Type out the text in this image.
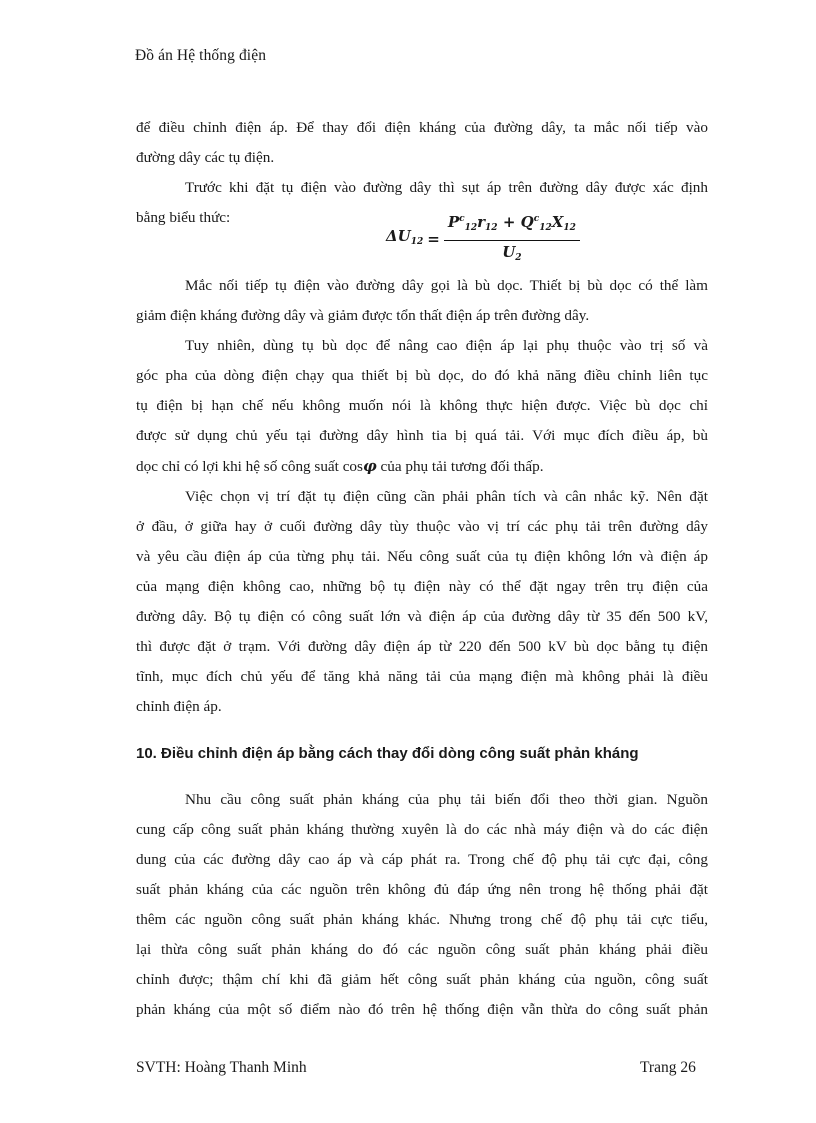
Đồ án Hệ thống điện

để điều chỉnh điện áp. Để thay đổi điện kháng của đường dây, ta mắc nối tiếp vào
đường dây các tụ điện.

Trước khi đặt tụ điện vào đường dây thì sụt áp trên đường dây được xác định

bằng biểu thức:
$\Delta U_{12} = \frac{P^c_{12}r_{12} + Q^c_{12}X_{12}}{U_2}$

Mắc nối tiếp tụ điện vào đường dây gọi là bù dọc. Thiết bị bù dọc có thể làm
giảm điện kháng đường dây và giảm được tổn thất điện áp trên đường dây.

Tuy nhiên, dùng tụ bù dọc để nâng cao điện áp lại phụ thuộc vào trị số và
góc pha của dòng điện chạy qua thiết bị bù dọc, do đó khả năng điều chỉnh liên tục
tụ điện bị hạn chế nếu không muốn nói là không thực hiện được. Việc bù dọc chỉ
được sử dụng chủ yếu tại đường dây hình tia bị quá tải. Với mục đích điều áp, bù
dọc chỉ có lợi khi hệ số công suất cosφ của phụ tải tương đối thấp.

Việc chọn vị trí đặt tụ điện cũng cần phải phân tích và cân nhắc kỹ. Nên đặt
ở đầu, ở giữa hay ở cuối đường dây tùy thuộc vào vị trí các phụ tải trên đường dây
và yêu cầu điện áp của từng phụ tải. Nếu công suất của tụ điện không lớn và điện áp
của mạng điện không cao, những bộ tụ điện này có thể đặt ngay trên trụ điện của
đường dây. Bộ tụ điện có công suất lớn và điện áp của đường dây từ 35 đến 500 kV,
thì được đặt ở trạm. Với đường dây điện áp từ 220 đến 500 kV bù dọc bằng tụ điện
tĩnh, mục đích chủ yếu để tăng khả năng tải của mạng điện mà không phải là điều
chỉnh điện áp.

10. Điều chỉnh điện áp bằng cách thay đổi dòng công suất phản kháng

Nhu cầu công suất phản kháng của phụ tải biến đổi theo thời gian. Nguồn
cung cấp công suất phản kháng thường xuyên là do các nhà máy điện và do các điện
dung của các đường dây cao áp và cáp phát ra. Trong chế độ phụ tải cực đại, công
suất phản kháng của các nguồn trên không đủ đáp ứng nên trong hệ thống phải đặt
thêm các nguồn công suất phản kháng khác. Nhưng trong chế độ phụ tải cực tiểu,
lại thừa công suất phản kháng do đó các nguồn công suất phản kháng phải điều
chỉnh được; thậm chí khi đã giảm hết công suất phản kháng của nguồn, công suất
phản kháng của một số điểm nào đó trên hệ thống điện vẫn thừa do công suất phản

SVTH: Hoàng Thanh Minh	Trang 26
